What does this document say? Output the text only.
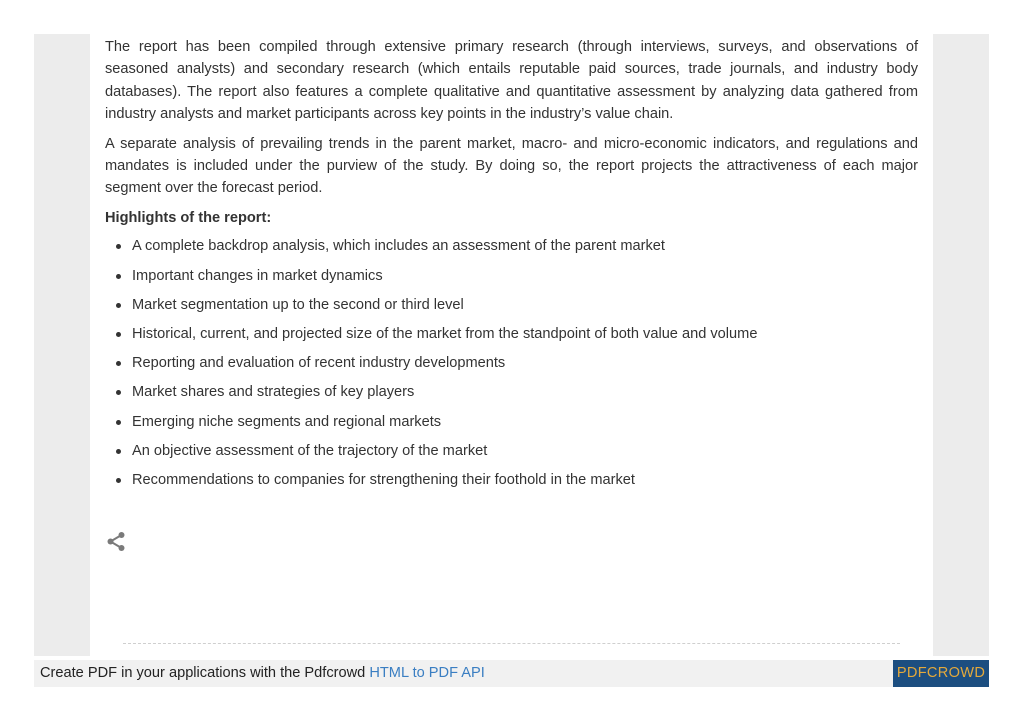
The report has been compiled through extensive primary research (through interviews, surveys, and observations of seasoned analysts) and secondary research (which entails reputable paid sources, trade journals, and industry body databases). The report also features a complete qualitative and quantitative assessment by analyzing data gathered from industry analysts and market participants across key points in the industry’s value chain.

A separate analysis of prevailing trends in the parent market, macro- and micro-economic indicators, and regulations and mandates is included under the purview of the study. By doing so, the report projects the attractiveness of each major segment over the forecast period.

Highlights of the report:
A complete backdrop analysis, which includes an assessment of the parent market
Important changes in market dynamics
Market segmentation up to the second or third level
Historical, current, and projected size of the market from the standpoint of both value and volume
Reporting and evaluation of recent industry developments
Market shares and strategies of key players
Emerging niche segments and regional markets
An objective assessment of the trajectory of the market
Recommendations to companies for strengthening their foothold in the market
Create PDF in your applications with the Pdfcrowd HTML to PDF API	PDFCROWD
